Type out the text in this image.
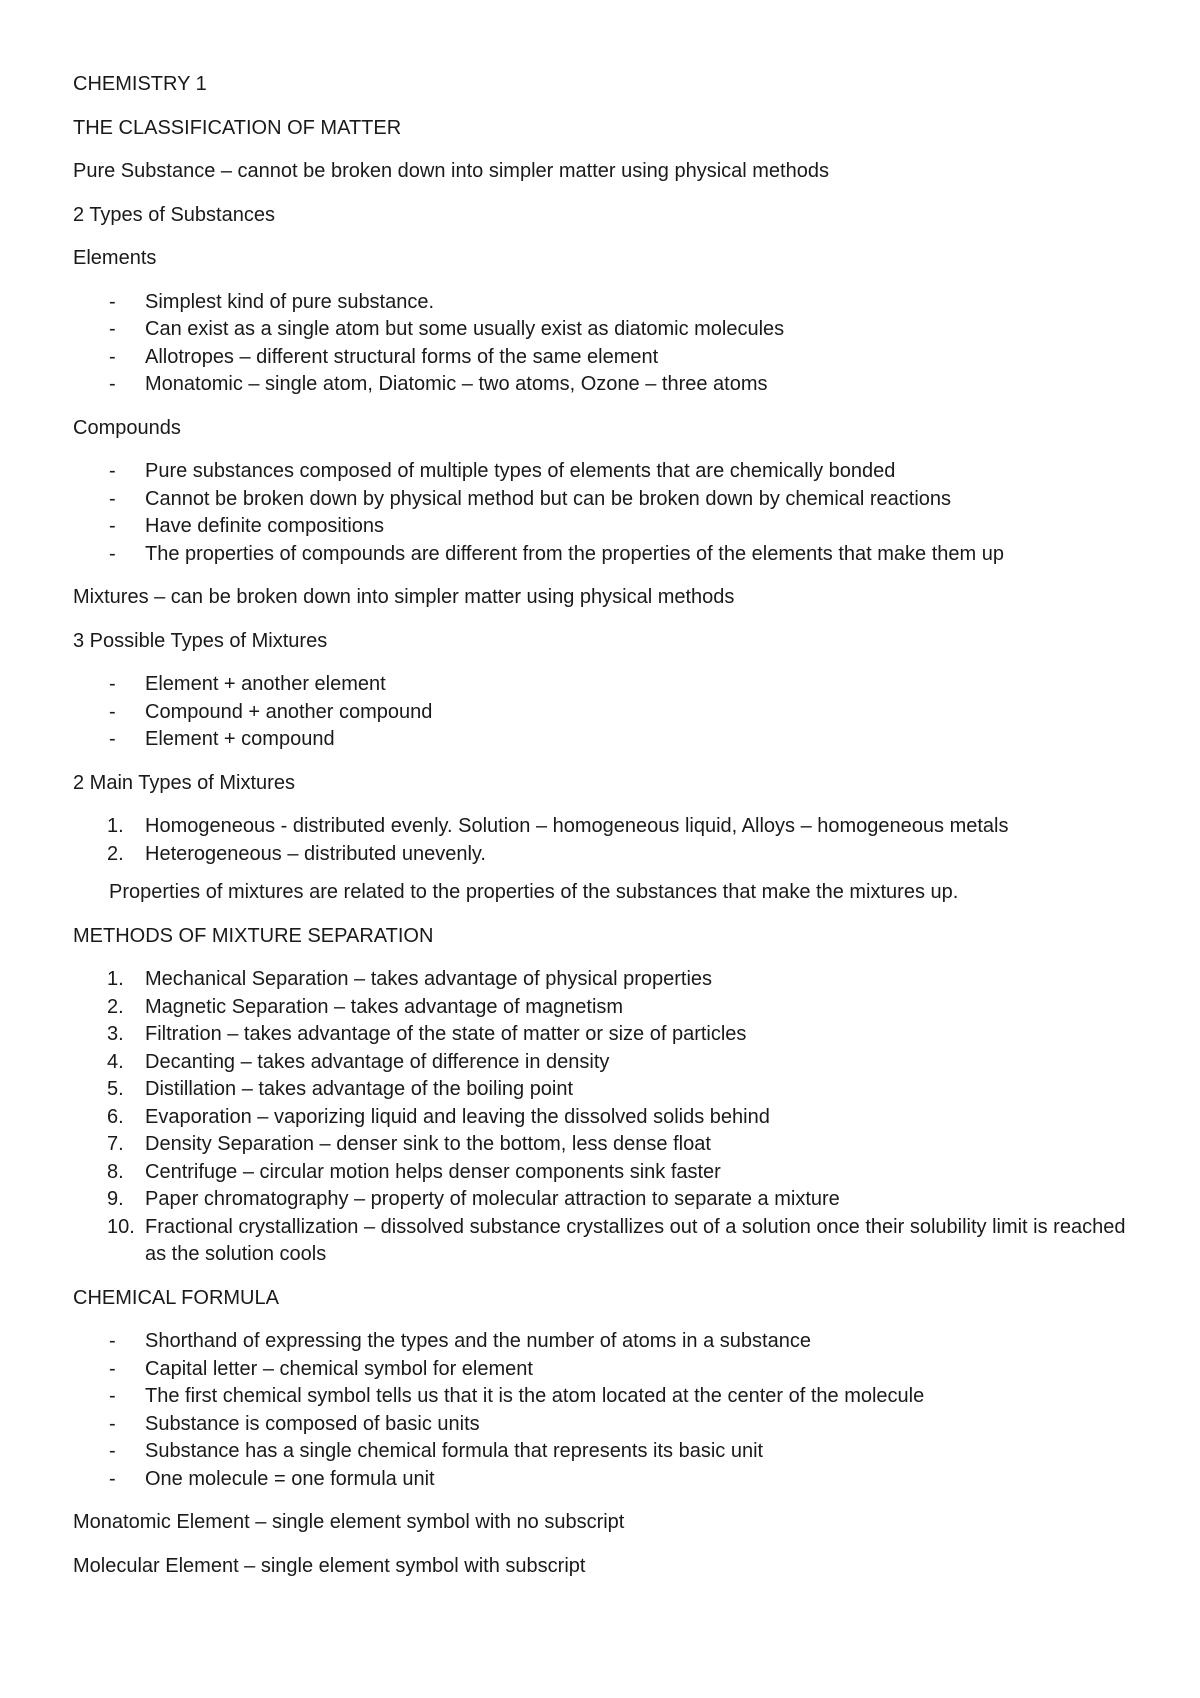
CHEMISTRY 1

THE CLASSIFICATION OF MATTER

Pure Substance – cannot be broken down into simpler matter using physical methods

2 Types of Substances

Elements

-	Simplest kind of pure substance.
-	Can exist as a single atom but some usually exist as diatomic molecules
-	Allotropes – different structural forms of the same element
-	Monatomic – single atom, Diatomic – two atoms, Ozone – three atoms

Compounds

-	Pure substances composed of multiple types of elements that are chemically bonded
-	Cannot be broken down by physical method but can be broken down by chemical reactions
-	Have definite compositions
-	The properties of compounds are different from the properties of the elements that make them up

Mixtures – can be broken down into simpler matter using physical methods

3 Possible Types of Mixtures

-	Element + another element
-	Compound + another compound
-	Element + compound

2 Main Types of Mixtures

1.	Homogeneous - distributed evenly. Solution – homogeneous liquid, Alloys – homogeneous metals
2.	Heterogeneous – distributed unevenly.

Properties of mixtures are related to the properties of the substances that make the mixtures up.

METHODS OF MIXTURE SEPARATION

1.	Mechanical Separation – takes advantage of physical properties
2.	Magnetic Separation – takes advantage of magnetism
3.	Filtration – takes advantage of the state of matter or size of particles
4.	Decanting – takes advantage of difference in density
5.	Distillation – takes advantage of the boiling point
6.	Evaporation – vaporizing liquid and leaving the dissolved solids behind
7.	Density Separation – denser sink to the bottom, less dense float
8.	Centrifuge – circular motion helps denser components sink faster
9.	Paper chromatography – property of molecular attraction to separate a mixture
10. Fractional crystallization – dissolved substance crystallizes out of a solution once their solubility limit is reached as the solution cools

CHEMICAL FORMULA

-	Shorthand of expressing the types and the number of atoms in a substance
-	Capital letter – chemical symbol for element
-	The first chemical symbol tells us that it is the atom located at the center of the molecule
-	Substance is composed of basic units
-	Substance has a single chemical formula that represents its basic unit
-	One molecule = one formula unit

Monatomic Element – single element symbol with no subscript

Molecular Element – single element symbol with subscript
